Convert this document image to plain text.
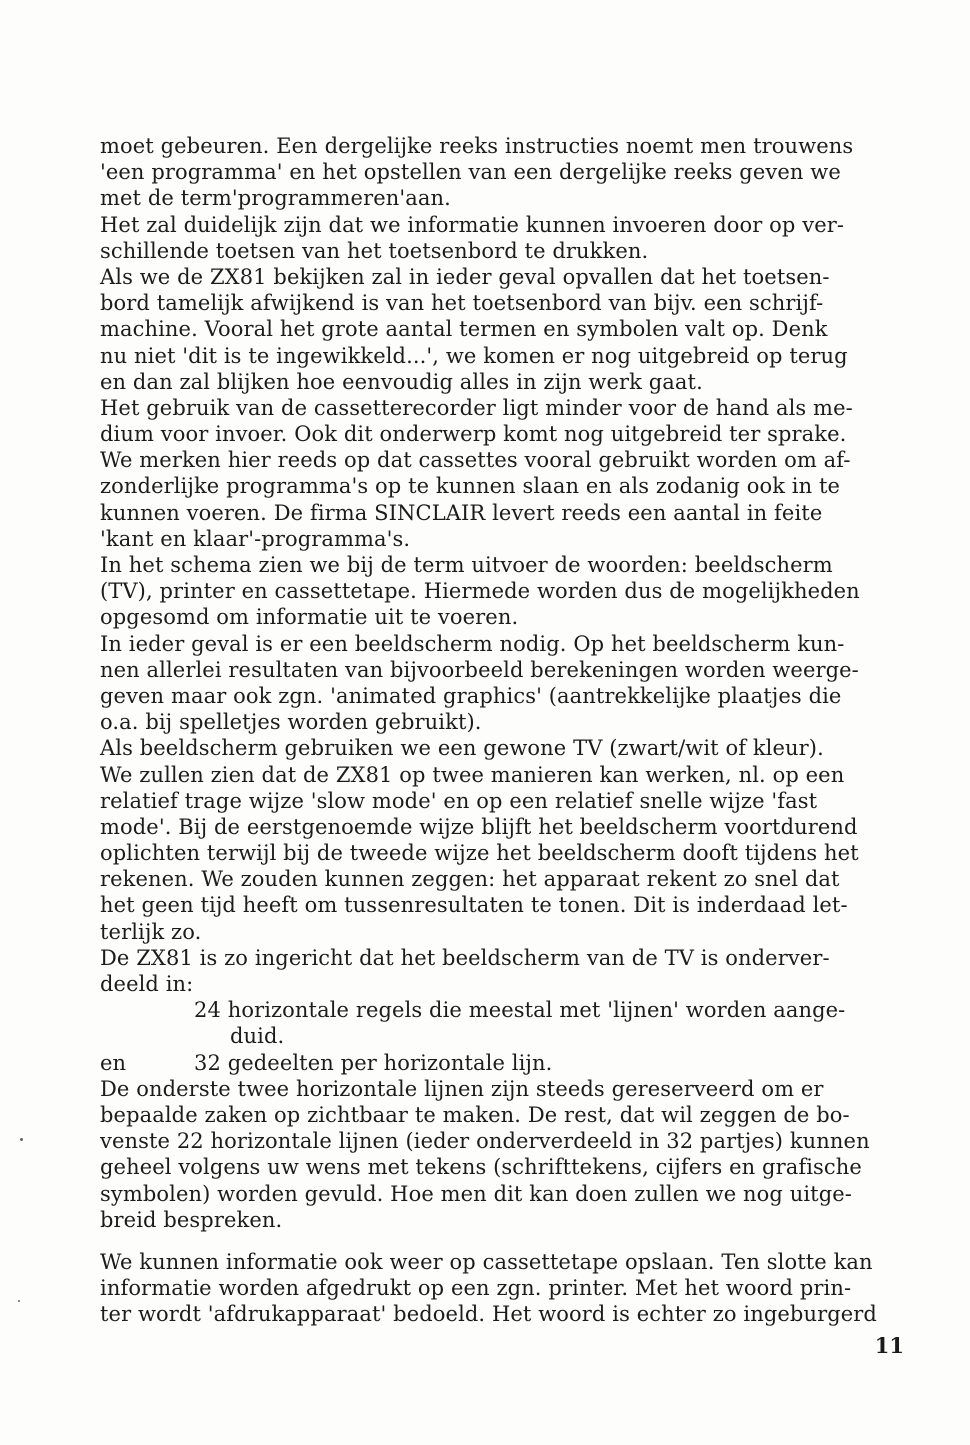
moet gebeuren. Een dergelijke reeks instructies noemt men trouwens
'een programma' en het opstellen van een dergelijke reeks geven we
met de term'programmeren'aan.
Het zal duidelijk zijn dat we informatie kunnen invoeren door op ver-
schillende toetsen van het toetsenbord te drukken.
Als we de ZX81 bekijken zal in ieder geval opvallen dat het toetsen-
bord tamelijk afwijkend is van het toetsenbord van bijv. een schrijf-
machine. Vooral het grote aantal termen en symbolen valt op. Denk
nu niet 'dit is te ingewikkeld...', we komen er nog uitgebreid op terug
en dan zal blijken hoe eenvoudig alles in zijn werk gaat.
Het gebruik van de cassetterecorder ligt minder voor de hand als me-
dium voor invoer. Ook dit onderwerp komt nog uitgebreid ter sprake.
We merken hier reeds op dat cassettes vooral gebruikt worden om af-
zonderlijke programma's op te kunnen slaan en als zodanig ook in te
kunnen voeren. De firma SINCLAIR levert reeds een aantal in feite
'kant en klaar'-programma's.
In het schema zien we bij de term uitvoer de woorden: beeldscherm
(TV), printer en cassettetape. Hiermede worden dus de mogelijkheden
opgesomd om informatie uit te voeren.
In ieder geval is er een beeldscherm nodig. Op het beeldscherm kun-
nen allerlei resultaten van bijvoorbeeld berekeningen worden weerge-
geven maar ook zgn. 'animated graphics' (aantrekkelijke plaatjes die
o.a. bij spelletjes worden gebruikt).
Als beeldscherm gebruiken we een gewone TV (zwart/wit of kleur).
We zullen zien dat de ZX81 op twee manieren kan werken, nl. op een
relatief trage wijze 'slow mode' en op een relatief snelle wijze 'fast
mode'. Bij de eerstgenoemde wijze blijft het beeldscherm voortdurend
oplichten terwijl bij de tweede wijze het beeldscherm dooft tijdens het
rekenen. We zouden kunnen zeggen: het apparaat rekent zo snel dat
het geen tijd heeft om tussenresultaten te tonen. Dit is inderdaad let-
terlijk zo.
De ZX81 is zo ingericht dat het beeldscherm van de TV is onderver-
deeld in:
24 horizontale regels die meestal met 'lijnen' worden aange-
duid.
en	32 gedeelten per horizontale lijn.
De onderste twee horizontale lijnen zijn steeds gereserveerd om er
bepaalde zaken op zichtbaar te maken. De rest, dat wil zeggen de bo-
venste 22 horizontale lijnen (ieder onderverdeeld in 32 partjes) kunnen
geheel volgens uw wens met tekens (schrifttekens, cijfers en grafische
symbolen) worden gevuld. Hoe men dit kan doen zullen we nog uitge-
breid bespreken.
We kunnen informatie ook weer op cassettetape opslaan. Ten slotte kan
informatie worden afgedrukt op een zgn. printer. Met het woord prin-
ter wordt 'afdrukapparaat' bedoeld. Het woord is echter zo ingeburgerd
11
